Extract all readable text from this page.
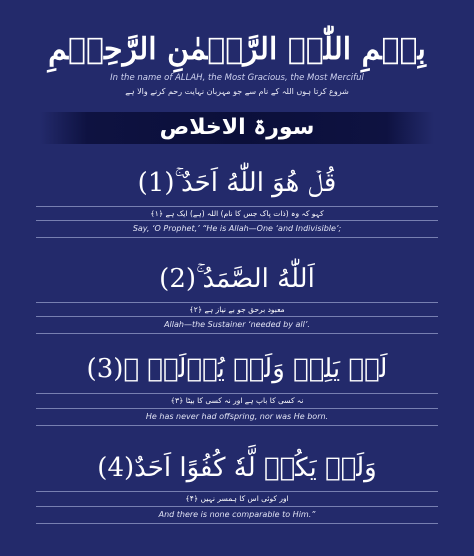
بِسۡمِ اللّٰہِ الرَّحۡمٰنِ الرَّحِیۡمِ
In the name of ALLAH, the Most Gracious, the Most Merciful
شروع کرتا ہوں اللہ کے نام سے جو مہربان نہایت رحم کرنے والا ہے
سورۃ الاخلاص
قُلۡ هُوَ اللّٰهُ اَحَدٌ ۚ(1)
کہو کہ وہ (ذات پاک جس کا نام) اللہ (ہے) ایک ہے ﴿۱﴾
Say, ‘O Prophet,’ “He is Allah—One ‘and Indivisible’;
اَللّٰهُ الصَّمَدُ ۚ(2)
معبود برحق جو بے نیاز ہے ﴿۲﴾
Allah—the Sustainer ‘needed by all’.
لَمۡ يَلِدۡ وَلَمۡ يُوۡلَدۡ ۙ(3)
نہ کسی کا باپ ہے اور نہ کسی کا بیٹا ﴿۳﴾
He has never had offspring, nor was He born.
وَلَمۡ يَكُنۡ لَّهٗ كُفُوًا اَحَدٌ(4)
اور کوئی اس کا ہمسر نہیں ﴿۴﴾
And there is none comparable to Him.”
